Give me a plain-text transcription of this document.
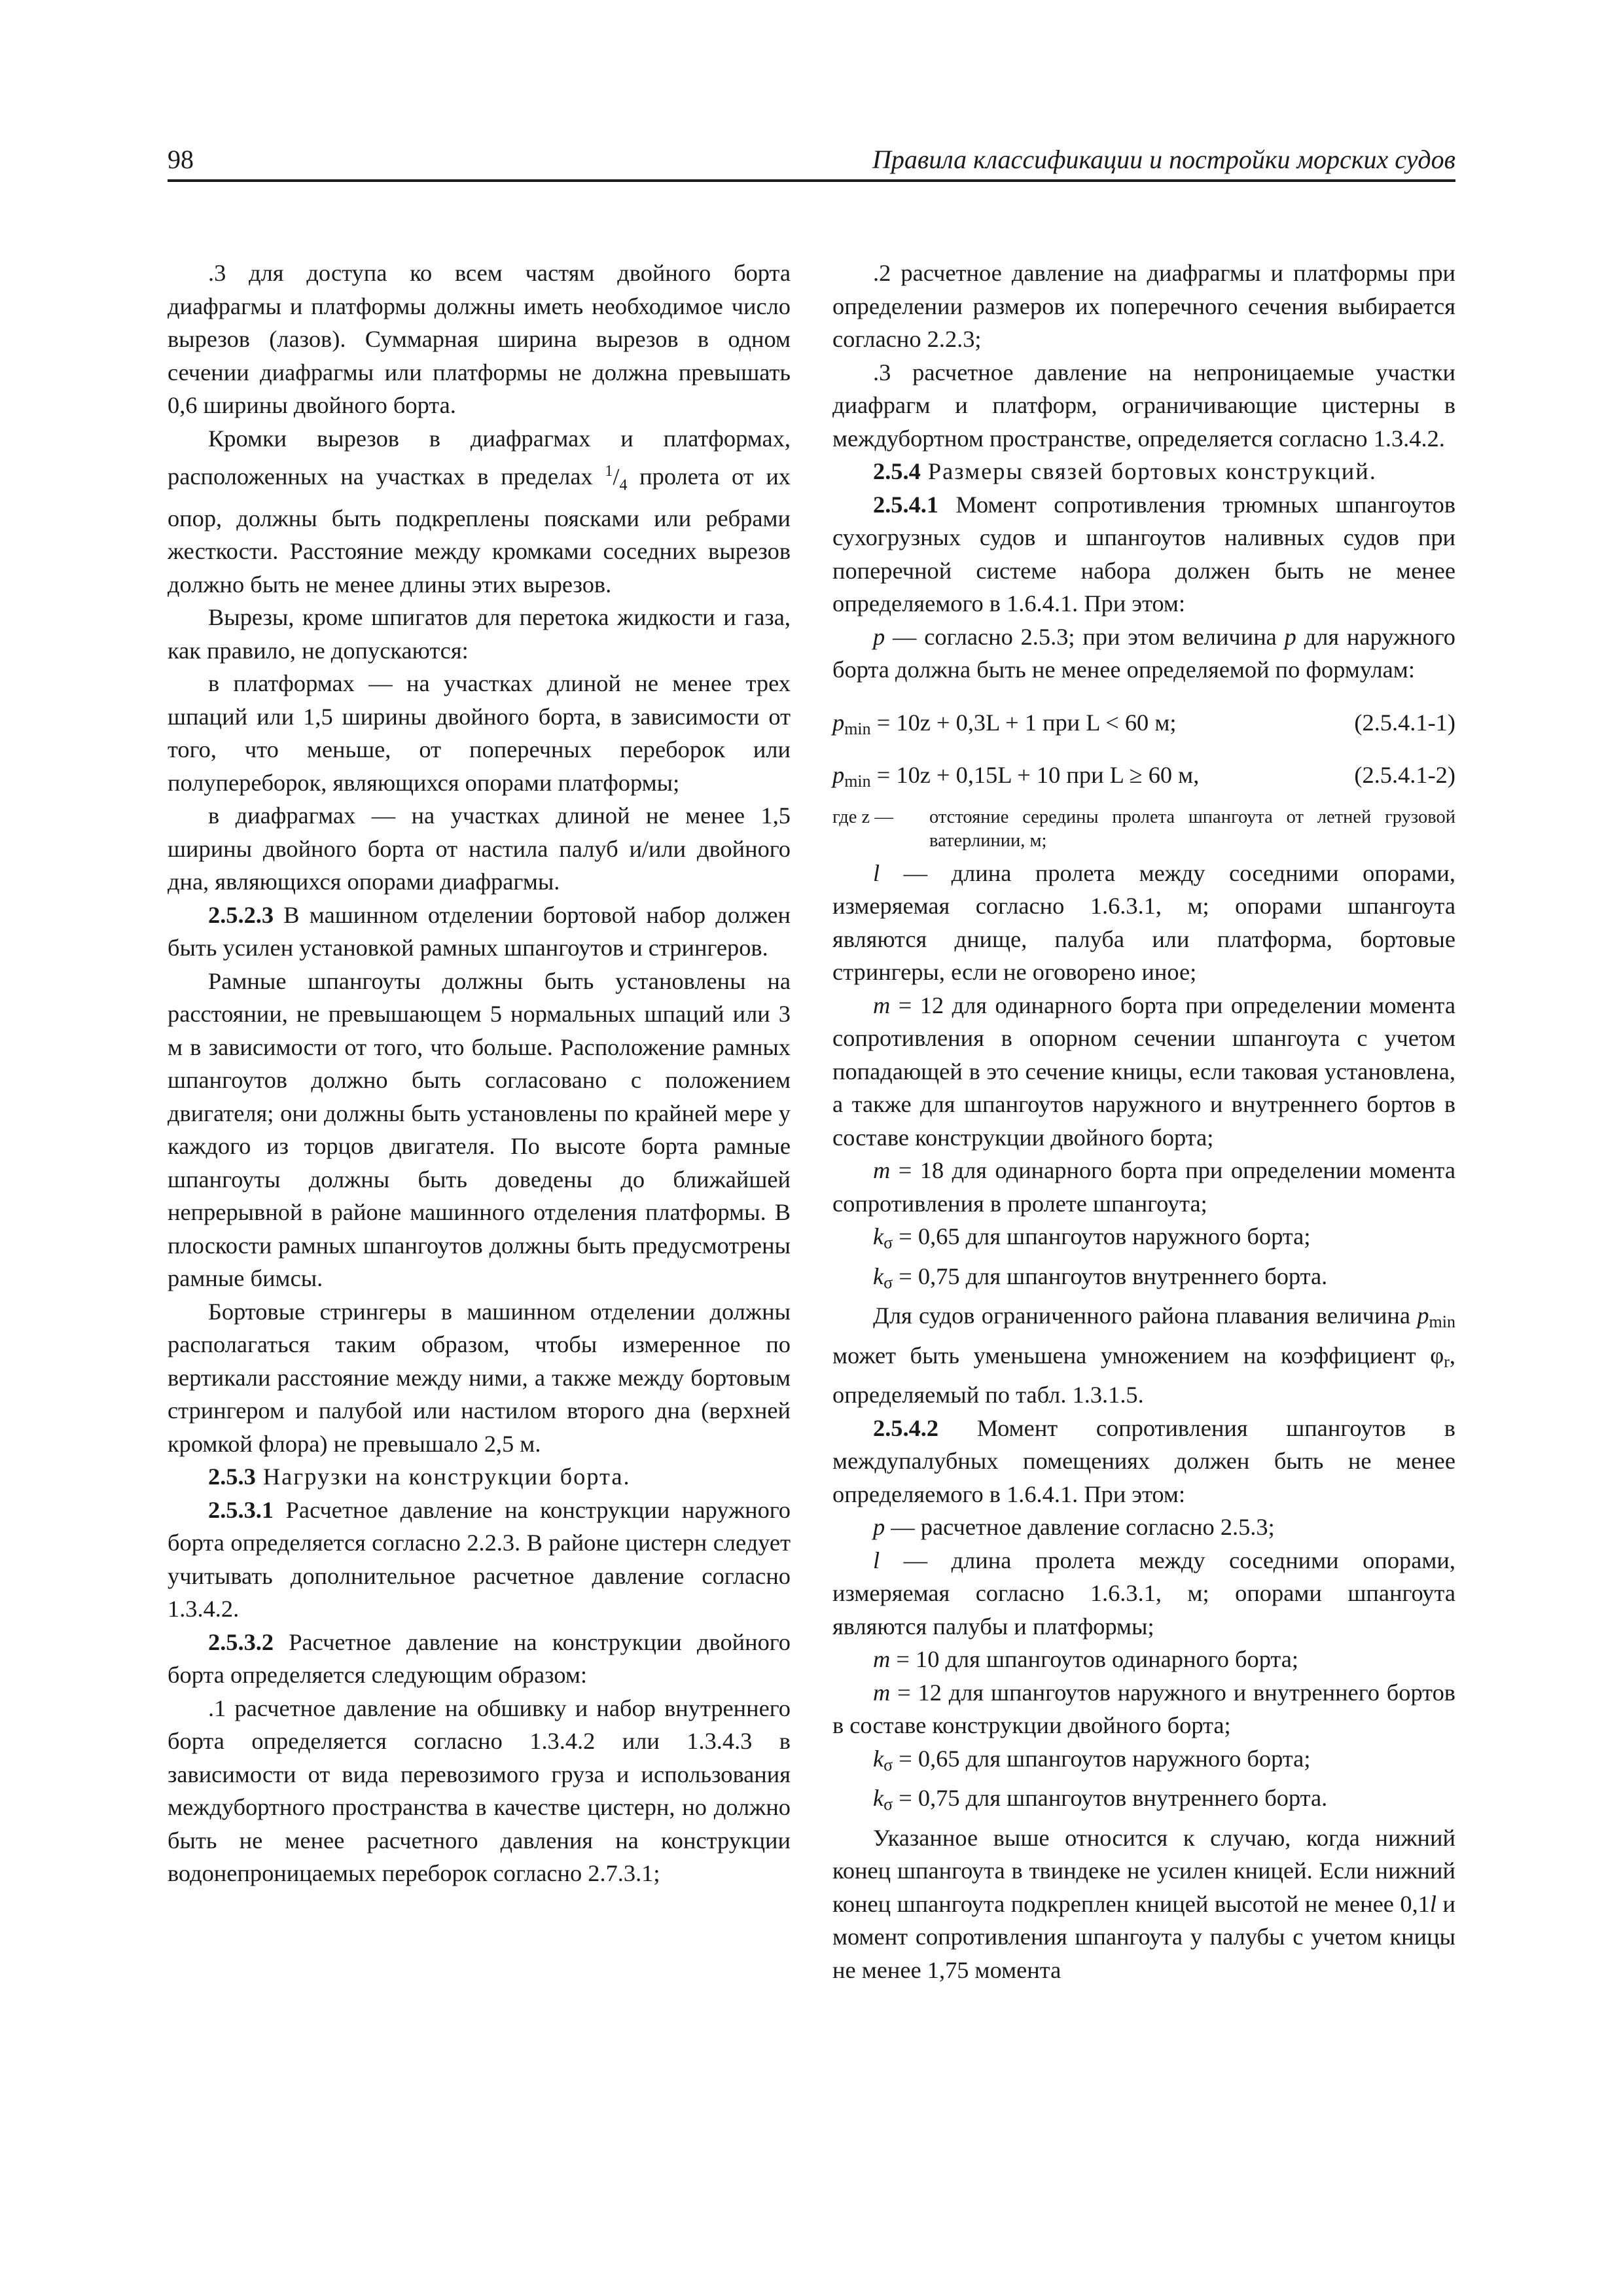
98	Правила классификации и постройки морских судов

.3 для доступа ко всем частям двойного борта диафрагмы и платформы должны иметь необходимое число вырезов (лазов). Суммарная ширина вырезов в одном сечении диафрагмы или платформы не должна превышать 0,6 ширины двойного борта.

Кромки вырезов в диафрагмах и платформах, расположенных на участках в пределах $^1/_4$ пролета от их опор, должны быть подкреплены поясками или ребрами жесткости. Расстояние между кромками соседних вырезов должно быть не менее длины этих вырезов.

Вырезы, кроме шпигатов для перетока жидкости и газа, как правило, не допускаются:

в платформах — на участках длиной не менее трех шпаций или 1,5 ширины двойного борта, в зависимости от того, что меньше, от поперечных переборок или полупереборок, являющихся опорами платформы;

в диафрагмах — на участках длиной не менее 1,5 ширины двойного борта от настила палуб и/или двойного дна, являющихся опорами диафрагмы.

2.5.2.3 В машинном отделении бортовой набор должен быть усилен установкой рамных шпангоутов и стрингеров.

Рамные шпангоуты должны быть установлены на расстоянии, не превышающем 5 нормальных шпаций или 3 м в зависимости от того, что больше. Расположение рамных шпангоутов должно быть согласовано с положением двигателя; они должны быть установлены по крайней мере у каждого из торцов двигателя. По высоте борта рамные шпангоуты должны быть доведены до ближайшей непрерывной в районе машинного отделения платформы. В плоскости рамных шпангоутов должны быть предусмотрены рамные бимсы.

Бортовые стрингеры в машинном отделении должны располагаться таким образом, чтобы измеренное по вертикали расстояние между ними, а также между бортовым стрингером и палубой или настилом второго дна (верхней кромкой флора) не превышало 2,5 м.

2.5.3 Нагрузки на конструкции борта.

2.5.3.1 Расчетное давление на конструкции наружного борта определяется согласно 2.2.3. В районе цистерн следует учитывать дополнительное расчетное давление согласно 1.3.4.2.

2.5.3.2 Расчетное давление на конструкции двойного борта определяется следующим образом:

.1 расчетное давление на обшивку и набор внутреннего борта определяется согласно 1.3.4.2 или 1.3.4.3 в зависимости от вида перевозимого груза и использования междубортного пространства в качестве цистерн, но должно быть не менее расчетного давления на конструкции водонепроницаемых переборок согласно 2.7.3.1;

.2 расчетное давление на диафрагмы и платформы при определении размеров их поперечного сечения выбирается согласно 2.2.3;

.3 расчетное давление на непроницаемые участки диафрагм и платформ, ограничивающие цистерны в междубортном пространстве, определяется согласно 1.3.4.2.

2.5.4 Размеры связей бортовых конструкций.

2.5.4.1 Момент сопротивления трюмных шпангоутов сухогрузных судов и шпангоутов наливных судов при поперечной системе набора должен быть не менее определяемого в 1.6.4.1. При этом:

p — согласно 2.5.3; при этом величина p для наружного борта должна быть не менее определяемой по формулам:

$p_{min} = 10z + 0,3L + 1$ при L < 60 м;	(2.5.4.1-1)
$p_{min} = 10z + 0,15L + 10$ при L ≥ 60 м,	(2.5.4.1-2)
где z — отстояние середины пролета шпангоута от летней грузовой ватерлинии, м;

l — длина пролета между соседними опорами, измеряемая согласно 1.6.3.1, м; опорами шпангоута являются днище, палуба или платформа, бортовые стрингеры, если не оговорено иное;

m = 12 для одинарного борта при определении момента сопротивления в опорном сечении шпангоута с учетом попадающей в это сечение кницы, если таковая установлена, а также для шпангоутов наружного и внутреннего бортов в составе конструкции двойного борта;

m = 18 для одинарного борта при определении момента сопротивления в пролете шпангоута;

$k_\sigma = 0,65$ для шпангоутов наружного борта;

$k_\sigma = 0,75$ для шпангоутов внутреннего борта.

Для судов ограниченного района плавания величина $p_{min}$ может быть уменьшена умножением на коэффициент $\varphi_r$, определяемый по табл. 1.3.1.5.

2.5.4.2 Момент сопротивления шпангоутов в междупалубных помещениях должен быть не менее определяемого в 1.6.4.1. При этом:

p — расчетное давление согласно 2.5.3;

l — длина пролета между соседними опорами, измеряемая согласно 1.6.3.1, м; опорами шпангоута являются палубы и платформы;

m = 10 для шпангоутов одинарного борта;

m = 12 для шпангоутов наружного и внутреннего бортов в составе конструкции двойного борта;

$k_\sigma = 0,65$ для шпангоутов наружного борта;

$k_\sigma = 0,75$ для шпангоутов внутреннего борта.

Указанное выше относится к случаю, когда нижний конец шпангоута в твиндеке не усилен кницей. Если нижний конец шпангоута подкреплен кницей высотой не менее 0,1l и момент сопротивления шпангоута у палубы с учетом кницы не менее 1,75 момента
